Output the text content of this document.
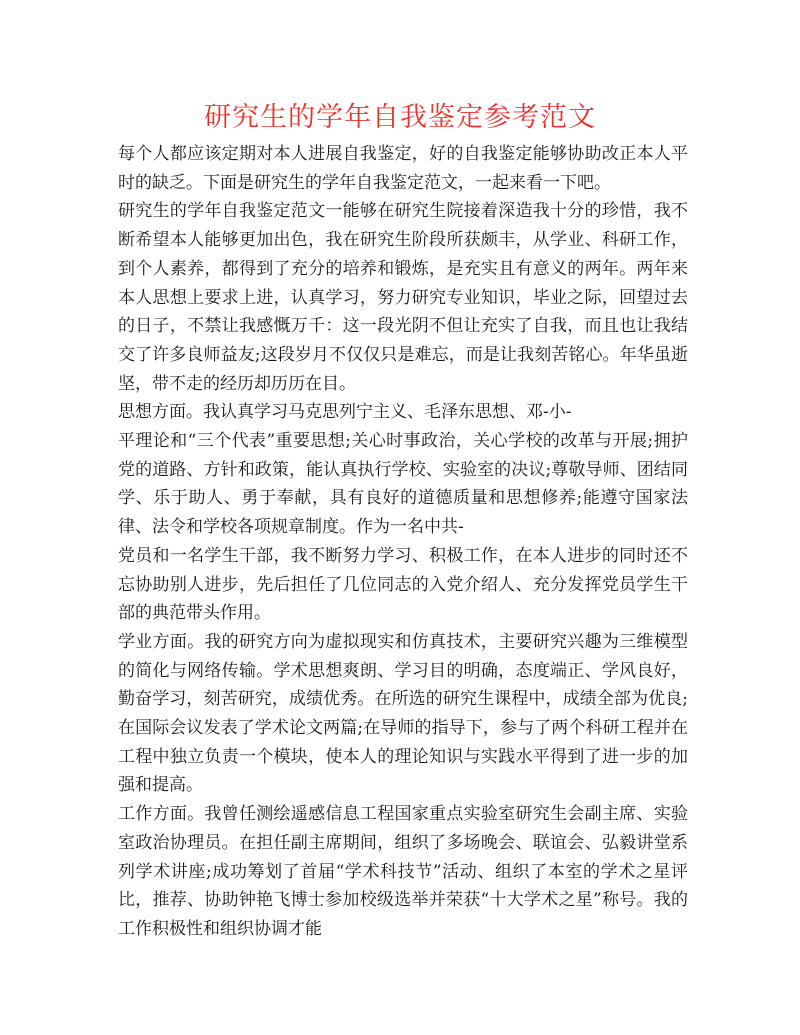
研究生的学年自我鉴定参考范文

每个人都应该定期对本人进展自我鉴定，好的自我鉴定能够协助改正本人平时的缺乏。下面是研究生的学年自我鉴定范文，一起来看一下吧。

研究生的学年自我鉴定范文一能够在研究生院接着深造我十分的珍惜，我不断希望本人能够更加出色，我在研究生阶段所获颇丰，从学业、科研工作，到个人素养，都得到了充分的培养和锻炼，是充实且有意义的两年。两年来本人思想上要求上进，认真学习，努力研究专业知识，毕业之际，回望过去的日子，不禁让我感慨万千：这一段光阴不但让充实了自我，而且也让我结交了许多良师益友;这段岁月不仅仅只是难忘，而是让我刻苦铭心。年华虽逝坚，带不走的经历却历历在目。

思想方面。我认真学习马克思列宁主义、毛泽东思想、邓-小-

平理论和“三个代表”重要思想;关心时事政治，关心学校的改革与开展;拥护党的道路、方针和政策，能认真执行学校、实验室的决议;尊敬导师、团结同学、乐于助人、勇于奉献，具有良好的道德质量和思想修养;能遵守国家法律、法令和学校各项规章制度。作为一名中共-

党员和一名学生干部，我不断努力学习、积极工作，在本人进步的同时还不忘协助别人进步，先后担任了几位同志的入党介绍人、充分发挥党员学生干部的典范带头作用。

学业方面。我的研究方向为虚拟现实和仿真技术，主要研究兴趣为三维模型的简化与网络传输。学术思想爽朗、学习目的明确，态度端正、学风良好，勤奋学习，刻苦研究，成绩优秀。在所选的研究生课程中，成绩全部为优良;在国际会议发表了学术论文两篇;在导师的指导下，参与了两个科研工程并在工程中独立负责一个模块，使本人的理论知识与实践水平得到了进一步的加强和提高。

工作方面。我曾任测绘遥感信息工程国家重点实验室研究生会副主席、实验室政治协理员。在担任副主席期间，组织了多场晚会、联谊会、弘毅讲堂系列学术讲座;成功筹划了首届“学术科技节”活动、组织了本室的学术之星评比，推荐、协助钟艳飞博士参加校级选举并荣获“十大学术之星”称号。我的工作积极性和组织协调才能
